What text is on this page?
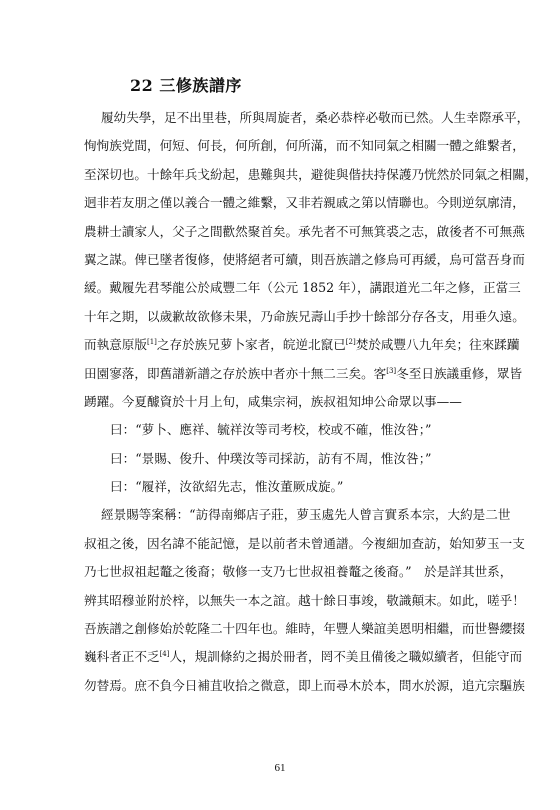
22 三修族譜序
履幼失學，足不出里巷，所與周旋者，桑必恭梓必敬而已然。人生幸際承平，
恂恂族党間，何短、何長，何所創，何所滿，而不知同氣之相關一體之維繫者，
至深切也。十餘年兵戈紛起，患難與共，避徙與偕扶持保護乃恍然於同氣之相關，
迥非若友朋之僅以義合一體之維繫，又非若親戚之第以情聯也。今則逆氛廓清，
農耕士讀家人，父子之間歡然聚首矣。承先者不可無箕裘之志，啟後者不可無燕
翼之謀。俾已墜者復修，使將絕者可續，則吾族譜之修烏可再緩，烏可當吾身而
緩。戴履先君琴龍公於咸豐二年（公元 1852 年），講跟道光二年之修，正當三
十年之期，以歲歉故欲修未果，乃命族兄壽山手抄十餘部分存各支，用垂久遠。
而執意原版[1]之存於族兄萝卜家者，皖逆北竄已[2]焚於咸豐八九年矣；往來蹂躪
田園寥落，即舊譜新譜之存於族中者亦十無二三矣。客[3]冬至日族議重修，眾皆
踴躍。今夏醵資於十月上旬，咸集宗祠，族叔祖知坤公命眾以事——
曰：“萝卜、應祥、毓祥汝等司考校，校或不確，惟汝咎；”
曰：“景賜、俊升、仲璞汝等司採訪，訪有不周，惟汝咎；”
曰：“履祥，汝欲紹先志，惟汝董厥成旋。”
經景賜等案稱：“訪得南鄉店子莊，萝玉處先人曾言實系本宗，大約是二世
叔祖之後，因名諱不能記憶，是以前者未曾通譜。今複細加查訪，始知萝玉一支
乃七世叔祖起鼇之後裔；敬修一支乃七世叔祖養鼇之後裔。”　於是詳其世系，
辨其昭穆並附於梓，以無失一本之誼。越十餘日事竣，敬識顛末。如此，嗟乎！
吾族譜之創修始於乾隆二十四年也。維時，年豐人樂誼美恩明相繼，而世譽纓掇
巍科者正不乏[4]人，規訓條約之揭於冊者，罔不美且備後之職姒續者，但能守而
勿替焉。庶不負今日補苴收拾之微意，即上而尋木於本，問水於源，追亢宗驅族
61
